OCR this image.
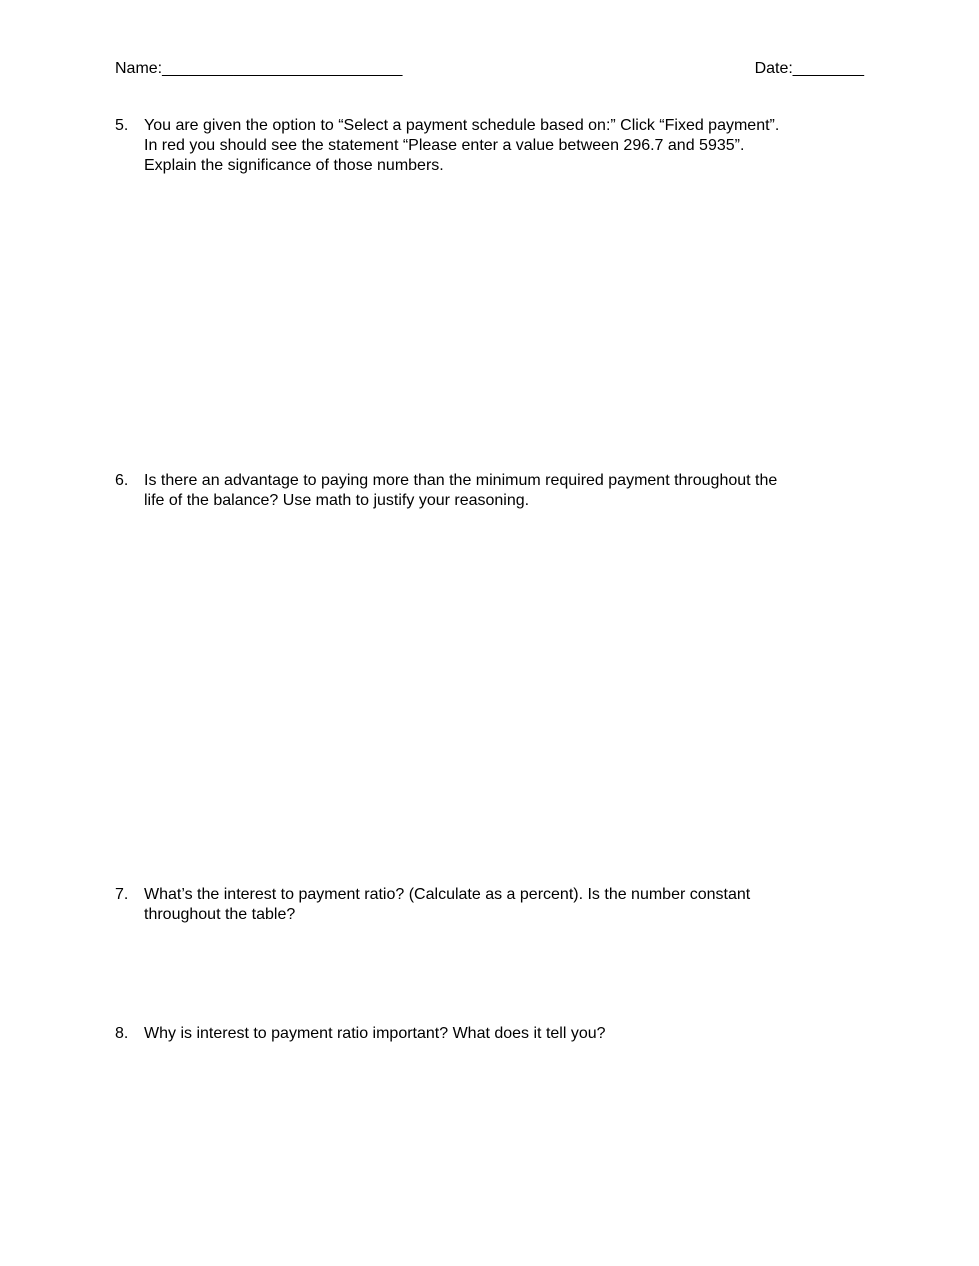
Name:___________________________	Date:________
5. You are given the option to “Select a payment schedule based on:” Click “Fixed payment”.
In red you should see the statement “Please enter a value between 296.7 and 5935”.
Explain the significance of those numbers.
6. Is there an advantage to paying more than the minimum required payment throughout the
life of the balance? Use math to justify your reasoning.
7. What’s the interest to payment ratio? (Calculate as a percent). Is the number constant
throughout the table?
8. Why is interest to payment ratio important? What does it tell you?
